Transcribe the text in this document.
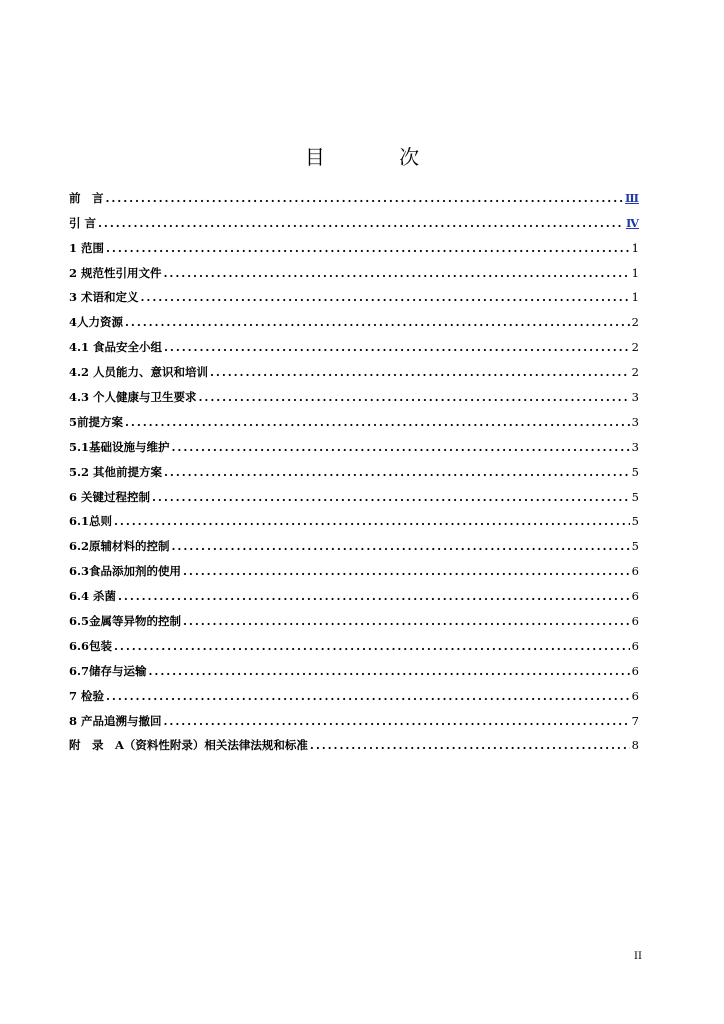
目 次
前　言 .....	Ⅲ
引 言 .....	Ⅳ
1 范围 .....	1
2 规范性引用文件 .....	1
3 术语和定义 .....	1
4人力资源 .....	2
4.1 食品安全小组 .....	2
4.2 人员能力、意识和培训 .....	2
4.3 个人健康与卫生要求 .....	3
5前提方案 .....	3
5.1基础设施与维护 .....	3
5.2 其他前提方案 .....	5
6 关键过程控制 .....	5
6.1总则 .....	5
6.2原辅材料的控制 .....	5
6.3食品添加剂的使用 .....	6
6.4 杀菌 .....	6
6.5金属等异物的控制 .....	6
6.6包装 .....	6
6.7储存与运输 .....	6
7 检验 .....	6
8 产品追溯与撤回 .....	7
附　录　A（资料性附录）相关法律法规和标准 .....	8
II
